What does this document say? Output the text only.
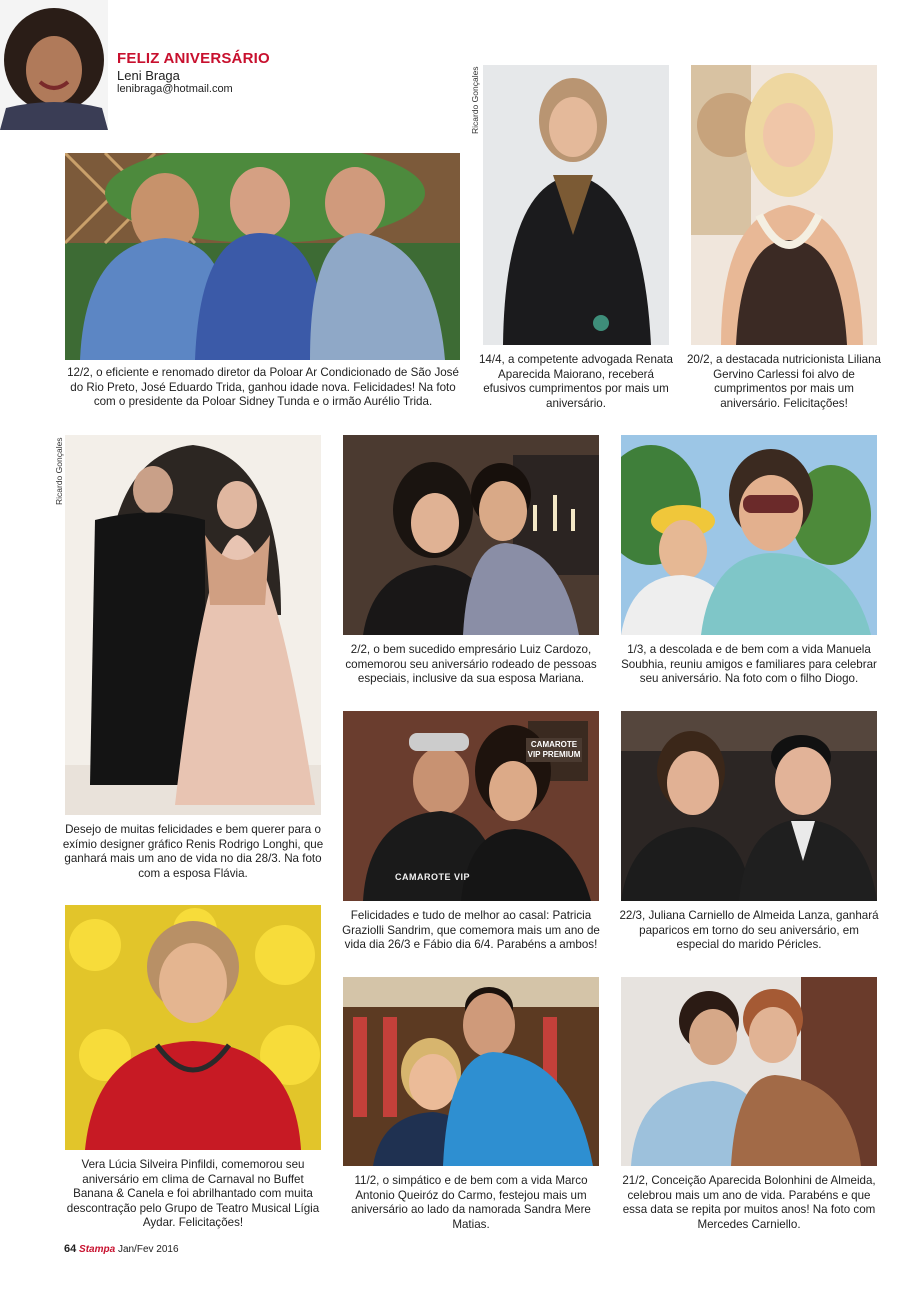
FELIZ ANIVERSÁRIO
Leni Braga
lenibraga@hotmail.com
12/2, o eficiente e renomado diretor da Poloar Ar Condicionado de São José do Rio Preto, José Eduardo Trida, ganhou idade nova. Felicidades! Na foto com o presidente da Poloar Sidney Tunda e o irmão Aurélio Trida.
Ricardo Gonçales
14/4, a competente advogada Renata Aparecida Maiorano, receberá efusivos cumprimentos por mais um aniversário.
20/2, a destacada nutricionista Liliana Gervino Carlessi foi alvo de cumprimentos por mais um aniversário. Felicitações!
Ricardo Gonçales
Desejo de muitas felicidades e bem querer para o exímio designer gráfico Renis Rodrigo Longhi, que ganhará mais um ano de vida no dia 28/3. Na foto com a esposa Flávia.
2/2, o bem sucedido empresário Luiz Cardozo, comemorou seu aniversário rodeado de pessoas especiais, inclusive da sua esposa Mariana.
1/3, a descolada e de bem com a vida Manuela Soubhia, reuniu amigos e familiares para celebrar seu aniversário. Na foto com o filho Diogo.
CAMAROTE VIP PREMIUM
CAMAROTE VIP
Felicidades e tudo de melhor ao casal: Patricia Graziolli Sandrim, que comemora mais um ano de vida dia 26/3 e Fábio dia 6/4. Parabéns a ambos!
22/3, Juliana Carniello de Almeida Lanza, ganhará paparicos em torno do seu aniversário, em especial do marido Péricles.
Vera Lúcia Silveira Pinfildi, comemorou seu aniversário em clima de Carnaval no Buffet Banana & Canela e foi abrilhantado com muita descontração pelo Grupo de Teatro Musical Lígia Aydar. Felicitações!
11/2, o simpático e de bem com a vida Marco Antonio Queiróz do Carmo, festejou mais um aniversário ao lado da namorada Sandra Mere Matias.
21/2, Conceição Aparecida Bolonhini de Almeida, celebrou mais um ano de vida. Parabéns e que essa data se repita por muitos anos! Na foto com Mercedes Carniello.
64 Stampa Jan/Fev 2016
